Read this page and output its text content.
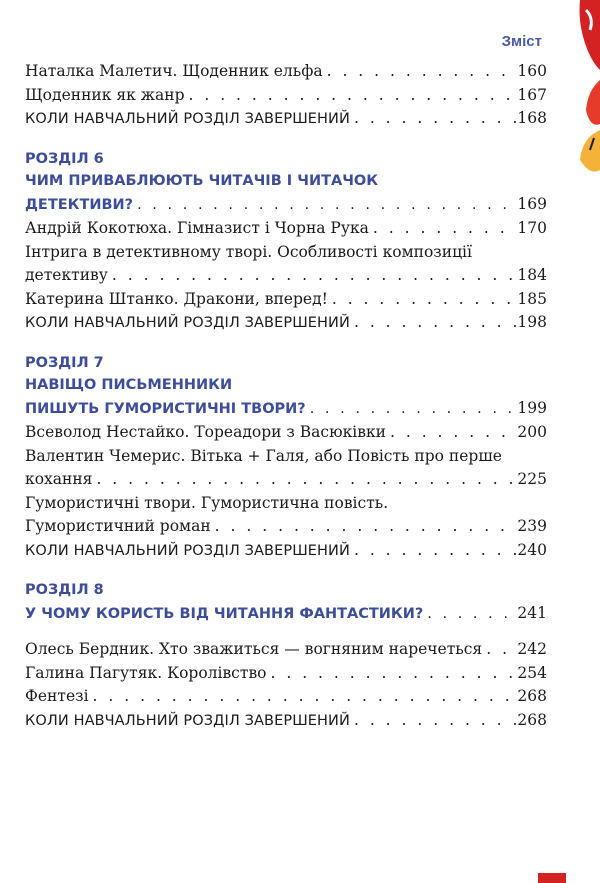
Зміст
Наталка Малетич. Щоденник ельфа . . .	160
Щоденник як жанр . . .	167
КОЛИ НАВЧАЛЬНИЙ РОЗДІЛ ЗАВЕРШЕНИЙ . . .	168
РОЗДІЛ 6
ЧИМ ПРИВАБЛЮЮТЬ ЧИТАЧІВ І ЧИТАЧОК
ДЕТЕКТИВИ? . . .	169
Андрій Кокотюха. Гімназист і Чорна Рука . . .	170
Інтрига в детективному творі. Особливості композиції
детективу . . .	184
Катерина Штанко. Дракони, вперед! . . .	185
КОЛИ НАВЧАЛЬНИЙ РОЗДІЛ ЗАВЕРШЕНИЙ . . .	198
РОЗДІЛ 7
НАВІЩО ПИСЬМЕННИКИ
ПИШУТЬ ГУМОРИСТИЧНІ ТВОРИ? . . .	199
Всеволод Нестайко. Тореадори з Васюківки . . .	200
Валентин Чемерис. Вітька + Галя, або Повість про перше
кохання . . .	225
Гумористичні твори. Гумористична повість.
Гумористичний роман . . .	239
КОЛИ НАВЧАЛЬНИЙ РОЗДІЛ ЗАВЕРШЕНИЙ . . .	240
РОЗДІЛ 8
У ЧОМУ КОРИСТЬ ВІД ЧИТАННЯ ФАНТАСТИКИ? . . .	241
Олесь Бердник. Хто зважиться — вогняним наречеться . . . 242
Галина Пагутяк. Королівство . . .	254
Фентезі . . .	268
КОЛИ НАВЧАЛЬНИЙ РОЗДІЛ ЗАВЕРШЕНИЙ . . .	268
